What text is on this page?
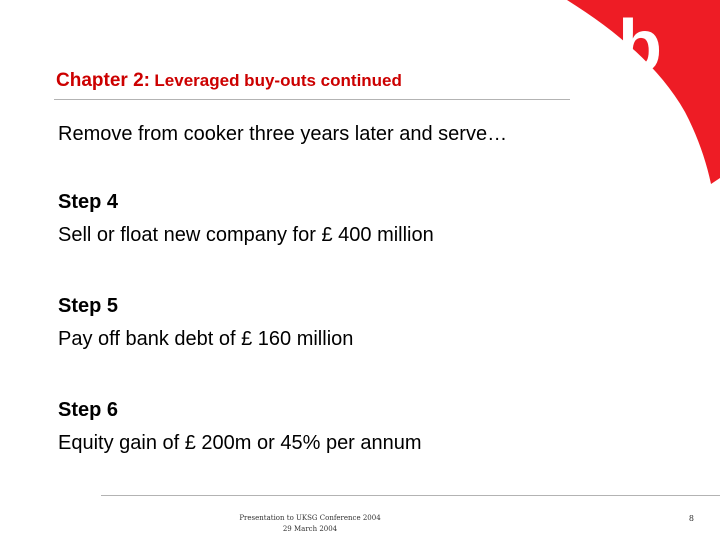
b
Chapter 2: Leveraged buy-outs continued
Remove from cooker three years later and serve…
Step 4
Sell or float new company for £ 400 million
Step 5
Pay off bank debt of £ 160 million
Step 6
Equity gain of £ 200m or 45% per annum
Presentation to UKSG Conference 2004
29 March 2004
8
